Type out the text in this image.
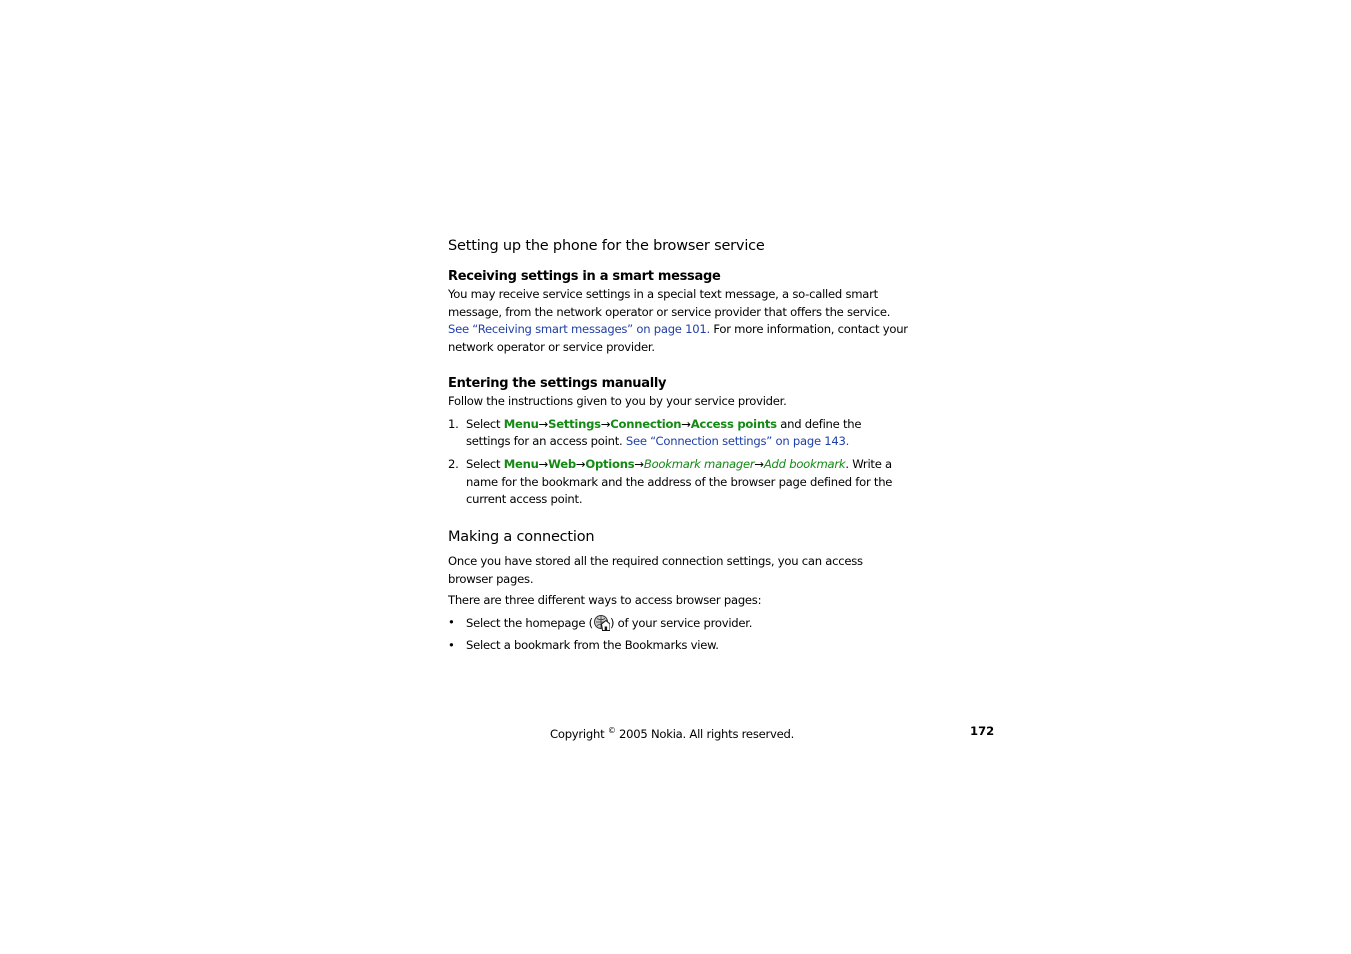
Setting up the phone for the browser service
Receiving settings in a smart message

You may receive service settings in a special text message, a so-called smart message, from the network operator or service provider that offers the service. See “Receiving smart messages” on page 101. For more information, contact your network operator or service provider.

Entering the settings manually

Follow the instructions given to you by your service provider.

1. Select Menu→Settings→Connection→Access points and define the settings for an access point. See “Connection settings” on page 143.
2. Select Menu→Web→Options→Bookmark manager→Add bookmark. Write a name for the bookmark and the address of the browser page defined for the current access point.
Making a connection

Once you have stored all the required connection settings, you can access browser pages.

There are three different ways to access browser pages:

• Select the homepage ( ) of your service provider.
• Select a bookmark from the Bookmarks view.
Copyright © 2005 Nokia. All rights reserved.	172
